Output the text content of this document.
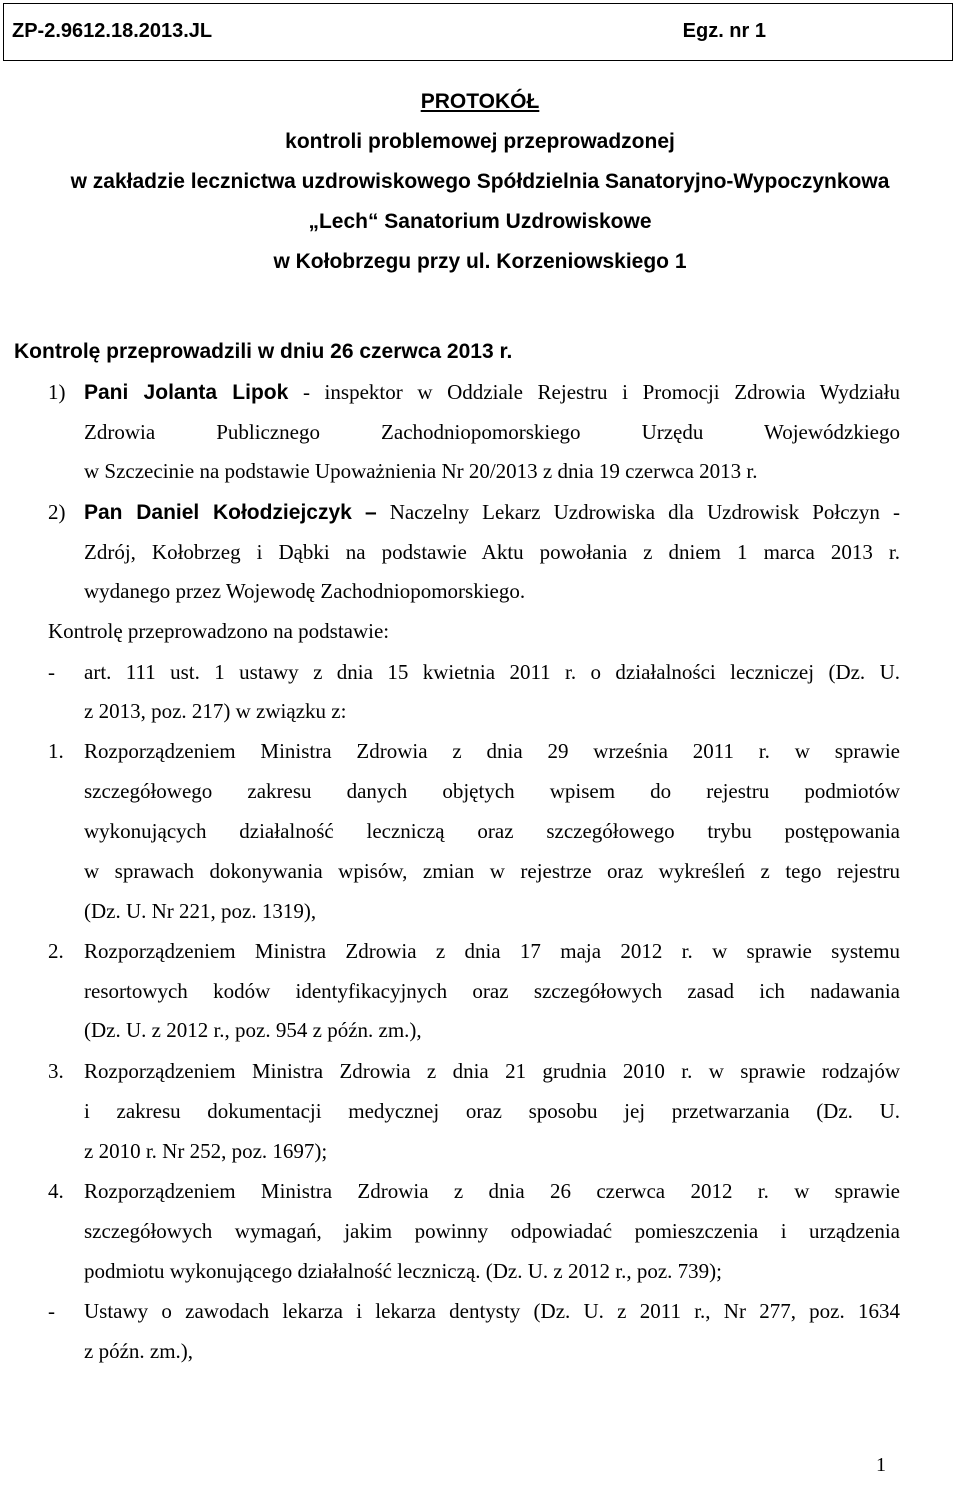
ZP-2.9612.18.2013.JL	Egz. nr 1
PROTOKÓŁ
kontroli problemowej przeprowadzonej
w zakładzie lecznictwa uzdrowiskowego Spółdzielnia Sanatoryjno-Wypoczynkowa
„Lech“ Sanatorium Uzdrowiskowe
w Kołobrzegu przy ul. Korzeniowskiego 1
Kontrolę przeprowadzili w dniu 26 czerwca 2013 r.
1) Pani Jolanta Lipok - inspektor w Oddziale Rejestru i Promocji Zdrowia Wydziału
Zdrowia Publicznego Zachodniopomorskiego Urzędu Wojewódzkiego
w Szczecinie na podstawie Upoważnienia Nr 20/2013 z dnia 19 czerwca 2013 r.
2) Pan Daniel Kołodziejczyk – Naczelny Lekarz Uzdrowiska dla Uzdrowisk Połczyn -
Zdrój, Kołobrzeg i Dąbki na podstawie Aktu powołania z dniem 1 marca 2013 r.
wydanego przez Wojewodę Zachodniopomorskiego.
Kontrolę przeprowadzono na podstawie:
- art. 111 ust. 1 ustawy z dnia 15 kwietnia 2011 r. o działalności leczniczej (Dz. U.
z 2013, poz. 217) w związku z:
1. Rozporządzeniem Ministra Zdrowia z dnia 29 września 2011 r. w sprawie
szczegółowego zakresu danych objętych wpisem do rejestru podmiotów
wykonujących działalność leczniczą oraz szczegółowego trybu postępowania
w sprawach dokonywania wpisów, zmian w rejestrze oraz wykreśleń z tego rejestru
(Dz. U. Nr 221, poz. 1319),
2. Rozporządzeniem Ministra Zdrowia z dnia 17 maja 2012 r. w sprawie systemu
resortowych kodów identyfikacyjnych oraz szczegółowych zasad ich nadawania
(Dz. U. z 2012 r., poz. 954 z późn. zm.),
3. Rozporządzeniem Ministra Zdrowia z dnia 21 grudnia 2010 r. w sprawie rodzajów
i zakresu dokumentacji medycznej oraz sposobu jej przetwarzania (Dz. U.
z 2010 r. Nr 252, poz. 1697);
4. Rozporządzeniem Ministra Zdrowia z dnia 26 czerwca 2012 r. w sprawie
szczegółowych wymagań, jakim powinny odpowiadać pomieszczenia i urządzenia
podmiotu wykonującego działalność leczniczą. (Dz. U. z 2012 r., poz. 739);
- Ustawy o zawodach lekarza i lekarza dentysty (Dz. U. z 2011 r., Nr 277, poz. 1634
z późn. zm.),
1
